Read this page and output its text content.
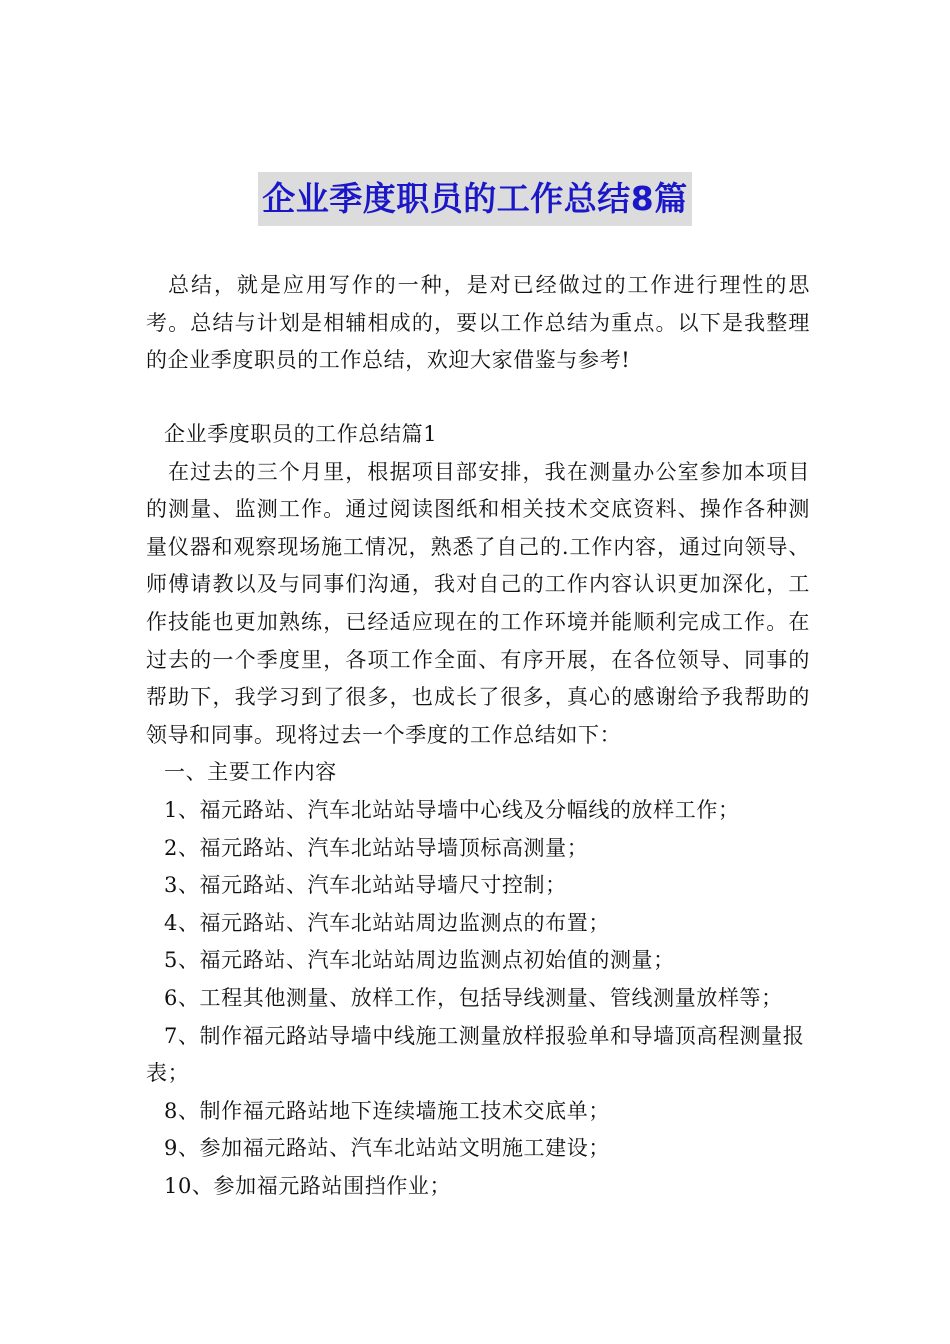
企业季度职员的工作总结8篇

总结，就是应用写作的一种，是对已经做过的工作进行理性的思考。总结与计划是相辅相成的，要以工作总结为重点。以下是我整理的企业季度职员的工作总结，欢迎大家借鉴与参考!

企业季度职员的工作总结篇1

在过去的三个月里，根据项目部安排，我在测量办公室参加本项目的测量、监测工作。通过阅读图纸和相关技术交底资料、操作各种测量仪器和观察现场施工情况，熟悉了自己的.工作内容，通过向领导、师傅请教以及与同事们沟通，我对自己的工作内容认识更加深化，工作技能也更加熟练，已经适应现在的工作环境并能顺利完成工作。在过去的一个季度里，各项工作全面、有序开展，在各位领导、同事的帮助下，我学习到了很多，也成长了很多，真心的感谢给予我帮助的领导和同事。现将过去一个季度的工作总结如下：

一、主要工作内容

1、福元路站、汽车北站站导墙中心线及分幅线的放样工作；

2、福元路站、汽车北站站导墙顶标高测量；

3、福元路站、汽车北站站导墙尺寸控制；

4、福元路站、汽车北站站周边监测点的布置；

5、福元路站、汽车北站站周边监测点初始值的测量；

6、工程其他测量、放样工作，包括导线测量、管线测量放样等；

7、制作福元路站导墙中线施工测量放样报验单和导墙顶高程测量报表；

8、制作福元路站地下连续墙施工技术交底单；

9、参加福元路站、汽车北站站文明施工建设；

10、参加福元路站围挡作业；
